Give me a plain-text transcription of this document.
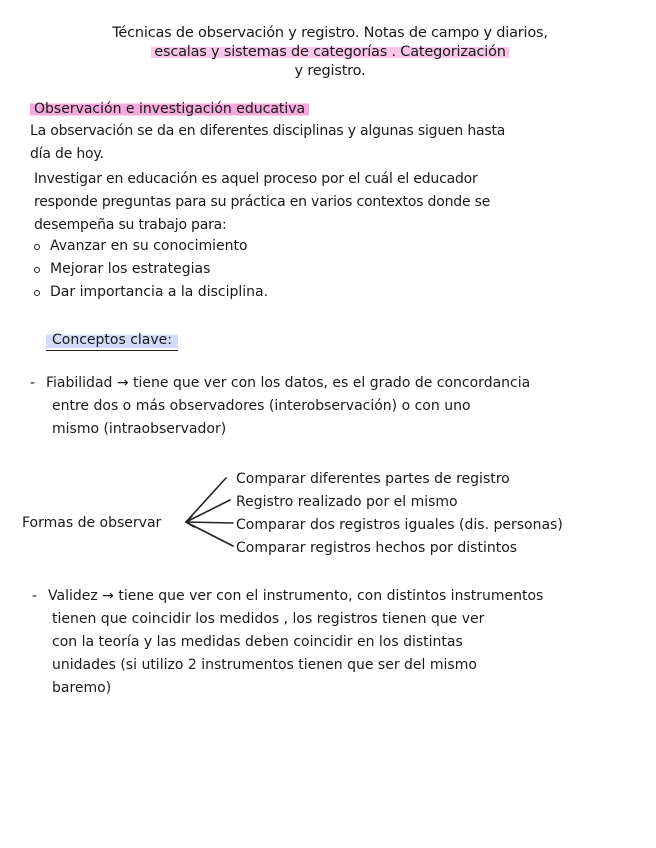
Técnicas de observación y registro. Notas de campo y diarios,
escalas y sistemas de categorías . Categorización
y registro.
Observación e investigación educativa
La observación se da en diferentes disciplinas y algunas siguen hasta
día de hoy.
Investigar en educación es aquel proceso por el cuál el educador
responde preguntas para su práctica en varios contextos donde se
desempeña su trabajo para:
Avanzar en su conocimiento
Mejorar los estrategias
Dar importancia a la disciplina.
Conceptos clave:
- Fiabilidad → tiene que ver con los datos, es el grado de concordancia
entre dos o más observadores (interobservación) o con uno
mismo (intraobservador)
Formas de observar
Comparar diferentes partes de registro
Registro realizado por el mismo
Comparar dos registros iguales (dis. personas)
Comparar registros hechos por distintos
- Validez → tiene que ver con el instrumento, con distintos instrumentos
tienen que coincidir los medidos , los registros tienen que ver
con la teoría y las medidas deben coincidir en los distintas
unidades (si utilizo 2 instrumentos tienen que ser del mismo
baremo)
